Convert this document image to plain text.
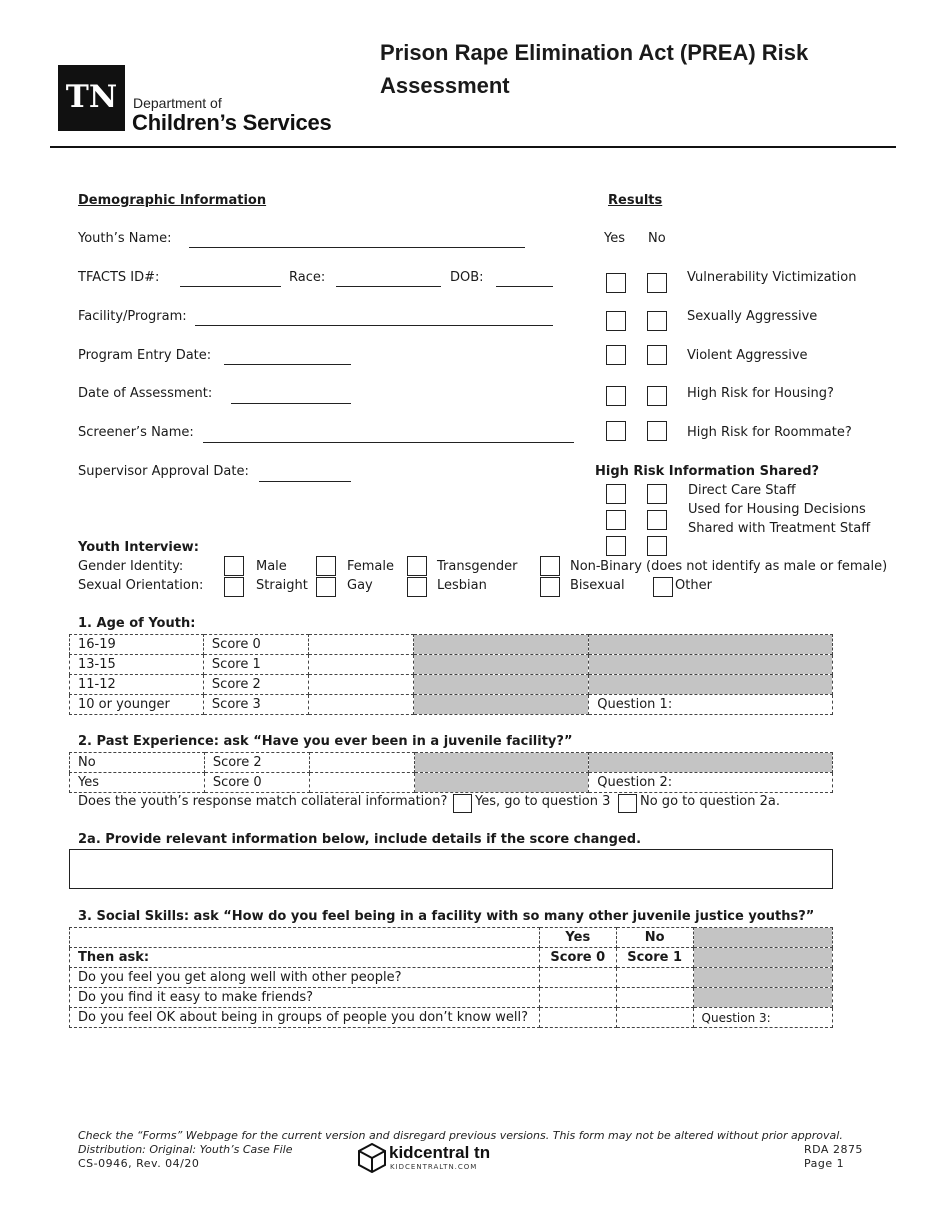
TN	Department of
Children’s Services
Prison Rape Elimination Act (PREA) Risk Assessment
Demographic Information
Youth’s Name:
TFACTS ID#:	Race:	DOB:
Facility/Program:
Program Entry Date:
Date of Assessment:
Screener’s Name:
Supervisor Approval Date:
Results
Yes No
Vulnerability Victimization
Sexually Aggressive
Violent Aggressive
High Risk for Housing?
High Risk for Roommate?
High Risk Information Shared?
Direct Care Staff
Used for Housing Decisions
Shared with Treatment Staff
Youth Interview:
Gender Identity:	Male	Female	Transgender	Non-Binary (does not identify as male or female)
Sexual Orientation:	Straight	Gay	Lesbian	Bisexual	Other
1. Age of Youth:
16-19	Score 0			
13-15	Score 1			
11-12	Score 2			
10 or younger	Score 3			Question 1:
2. Past Experience: ask “Have you ever been in a juvenile facility?”
No	Score 2			
Yes	Score 0			Question 2:
Does the youth’s response match collateral information? Yes, go to question 3 No go to question 2a.
2a. Provide relevant information below, include details if the score changed.
3. Social Skills: ask “How do you feel being in a facility with so many other juvenile justice youths?”
	Yes	No	
Then ask:	Score 0	Score 1	
Do you feel you get along well with other people?			
Do you find it easy to make friends?			
Do you feel OK about being in groups of people you don’t know well?			Question 3:
Check the “Forms” Webpage for the current version and disregard previous versions. This form may not be altered without prior approval.
Distribution: Original: Youth’s Case File
CS-0946, Rev. 04/20
kidcentral tn
KIDCENTRALTN.COM
RDA 2875
Page 1
